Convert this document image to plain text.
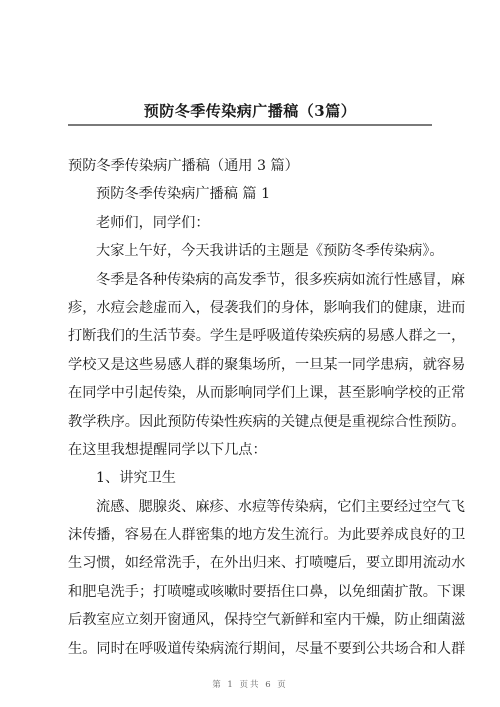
预防冬季传染病广播稿（3篇）

预防冬季传染病广播稿（通用 3 篇）

预防冬季传染病广播稿 篇 1

老师们，同学们：

大家上午好，今天我讲话的主题是《预防冬季传染病》。

冬季是各种传染病的高发季节，很多疾病如流行性感冒，麻

疹，水痘会趁虚而入，侵袭我们的身体，影响我们的健康，进而

打断我们的生活节奏。学生是呼吸道传染疾病的易感人群之一，

学校又是这些易感人群的聚集场所，一旦某一同学患病，就容易

在同学中引起传染，从而影响同学们上课，甚至影响学校的正常

教学秩序。因此预防传染性疾病的关键点便是重视综合性预防。

在这里我想提醒同学以下几点：

1、讲究卫生

流感、腮腺炎、麻疹、水痘等传染病，它们主要经过空气飞

沫传播，容易在人群密集的地方发生流行。为此要养成良好的卫

生习惯，如经常洗手，在外出归来、打喷嚏后，要立即用流动水

和肥皂洗手；打喷嚏或咳嗽时要捂住口鼻，以免细菌扩散。下课

后教室应立刻开窗通风，保持空气新鲜和室内干燥，防止细菌滋

生。同时在呼吸道传染病流行期间，尽量不要到公共场合和人群

第 1 页共 6 页
